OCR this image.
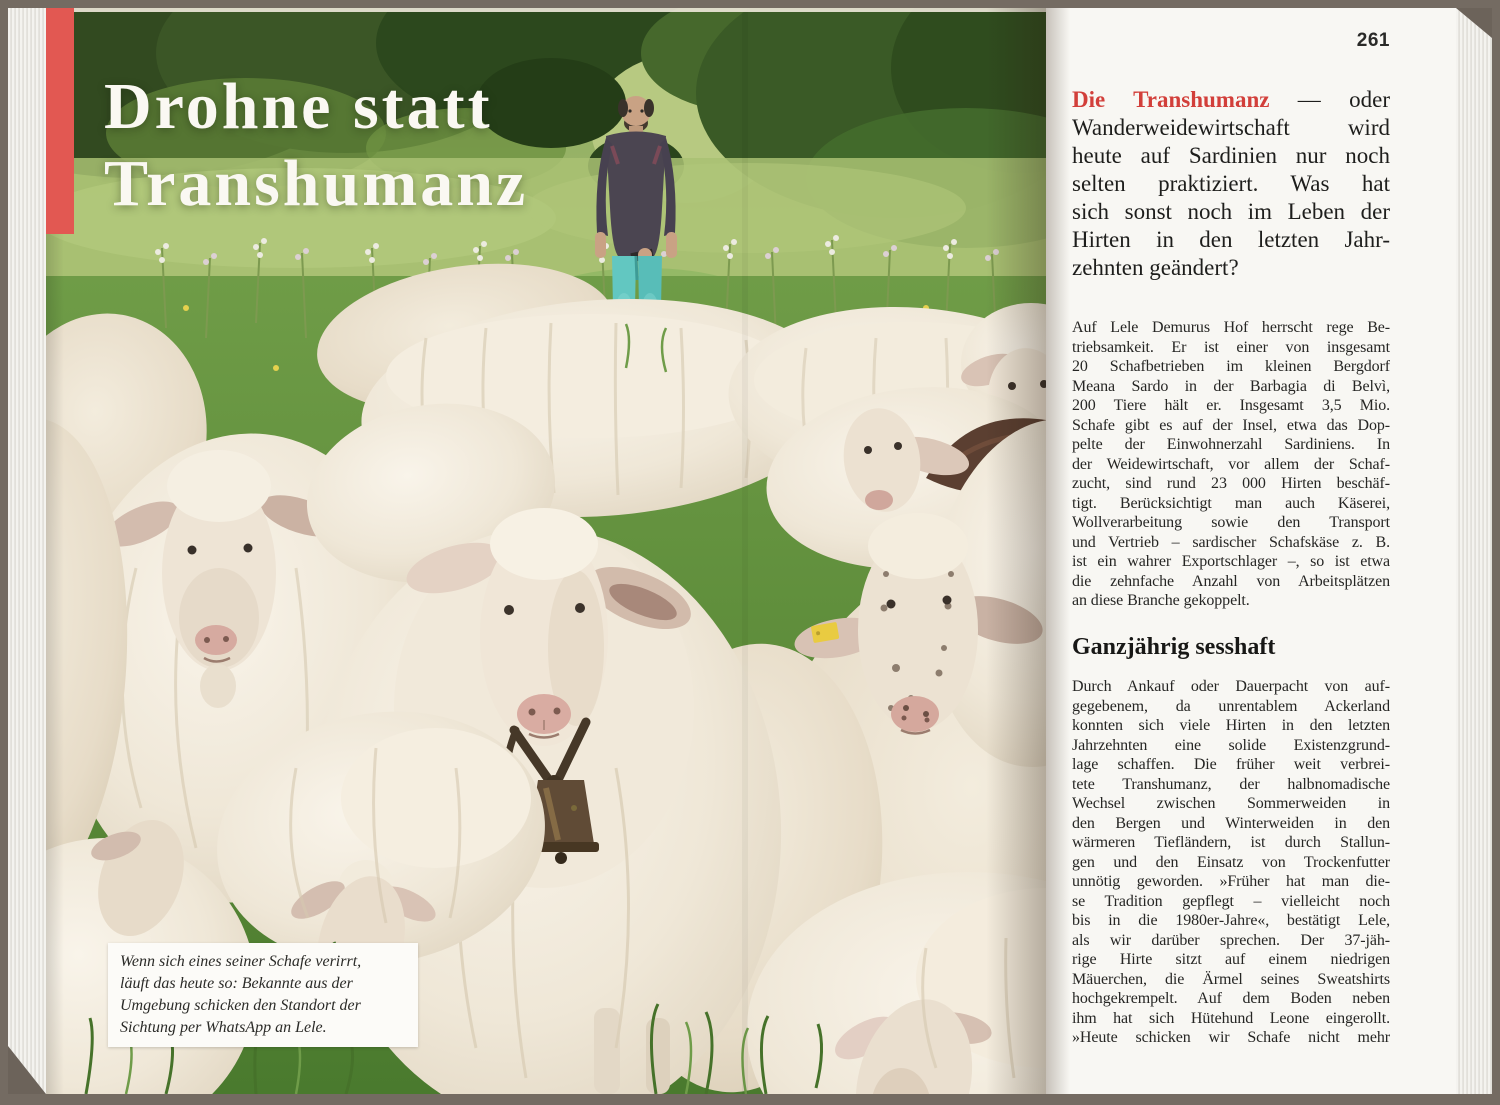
Drohne statt
Transhumanz
Wenn sich eines seiner Schafe verirrt,
läuft das heute so: Bekannte aus der
Umgebung schicken den Standort der
Sichtung per WhatsApp an Lele.
261
Die Transhumanz — oder
Wanderweidewirtschaft wird
heute auf Sardinien nur noch
selten praktiziert. Was hat
sich sonst noch im Leben der
Hirten in den letzten Jahr-
zehnten geändert?
Auf Lele Demurus Hof herrscht rege Be-
triebsamkeit. Er ist einer von insgesamt
20 Schafbetrieben im kleinen Bergdorf
Meana Sardo in der Barbagia di Belvì,
200 Tiere hält er. Insgesamt 3,5 Mio.
Schafe gibt es auf der Insel, etwa das Dop-
pelte der Einwohnerzahl Sardiniens. In
der Weidewirtschaft, vor allem der Schaf-
zucht, sind rund 23 000 Hirten beschäf-
tigt. Berücksichtigt man auch Käserei,
Wollverarbeitung sowie den Transport
und Vertrieb – sardischer Schafskäse z. B.
ist ein wahrer Exportschlager –, so ist etwa
die zehnfache Anzahl von Arbeitsplätzen
an diese Branche gekoppelt.
Ganzjährig sesshaft
Durch Ankauf oder Dauerpacht von auf-
gegebenem, da unrentablem Ackerland
konnten sich viele Hirten in den letzten
Jahrzehnten eine solide Existenzgrund-
lage schaffen. Die früher weit verbrei-
tete Transhumanz, der halbnomadische
Wechsel zwischen Sommerweiden in
den Bergen und Winterweiden in den
wärmeren Tiefländern, ist durch Stallun-
gen und den Einsatz von Trockenfutter
unnötig geworden. »Früher hat man die-
se Tradition gepflegt – vielleicht noch
bis in die 1980er-Jahre«, bestätigt Lele,
als wir darüber sprechen. Der 37-jäh-
rige Hirte sitzt auf einem niedrigen
Mäuerchen, die Ärmel seines Sweatshirts
hochgekrempelt. Auf dem Boden neben
ihm hat sich Hütehund Leone eingerollt.
»Heute schicken wir Schafe nicht mehr
